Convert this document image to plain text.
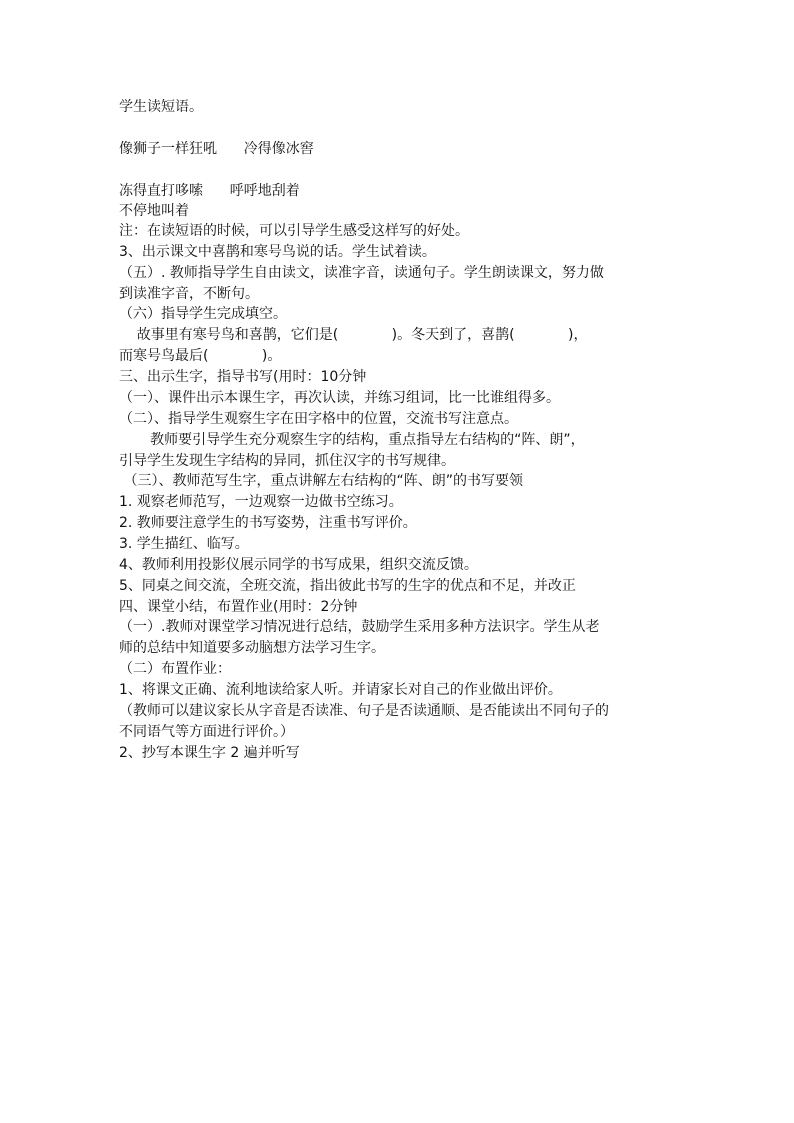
学生读短语。
像狮子一样狂吼      冷得像冰窖
冻得直打哆嗦      呼呼地刮着
不停地叫着
注：在读短语的时候，可以引导学生感受这样写的好处。
3、出示课文中喜鹊和寒号鸟说的话。学生试着读。
（五）. 教师指导学生自由读文，读准字音，读通句子。学生朗读课文，努力做
到读准字音，不断句。
（六）指导学生完成填空。
故事里有寒号鸟和喜鹊，它们是(            )。冬天到了，喜鹊(            )，
而寒号鸟最后(            )。
三、出示生字，指导书写(用时：10分钟
（一）、课件出示本课生字，再次认读，并练习组词，比一比谁组得多。
（二）、指导学生观察生字在田字格中的位置，交流书写注意点。
教师要引导学生充分观察生字的结构，重点指导左右结构的“阵、朗”，
引导学生发现生字结构的异同，抓住汉字的书写规律。
（三）、教师范写生字，重点讲解左右结构的“阵、朗”的书写要领
1. 观察老师范写，一边观察一边做书空练习。
2. 教师要注意学生的书写姿势，注重书写评价。
3. 学生描红、临写。
4、教师利用投影仪展示同学的书写成果，组织交流反馈。
5、同桌之间交流，全班交流，指出彼此书写的生字的优点和不足，并改正
四、课堂小结，布置作业(用时：2分钟
（一）.教师对课堂学习情况进行总结，鼓励学生采用多种方法识字。学生从老
师的总结中知道要多动脑想方法学习生字。
（二）布置作业：
1、将课文正确、流利地读给家人听。并请家长对自己的作业做出评价。
（教师可以建议家长从字音是否读准、句子是否读通顺、是否能读出不同句子的
不同语气等方面进行评价。）
2、抄写本课生字 2 遍并听写
